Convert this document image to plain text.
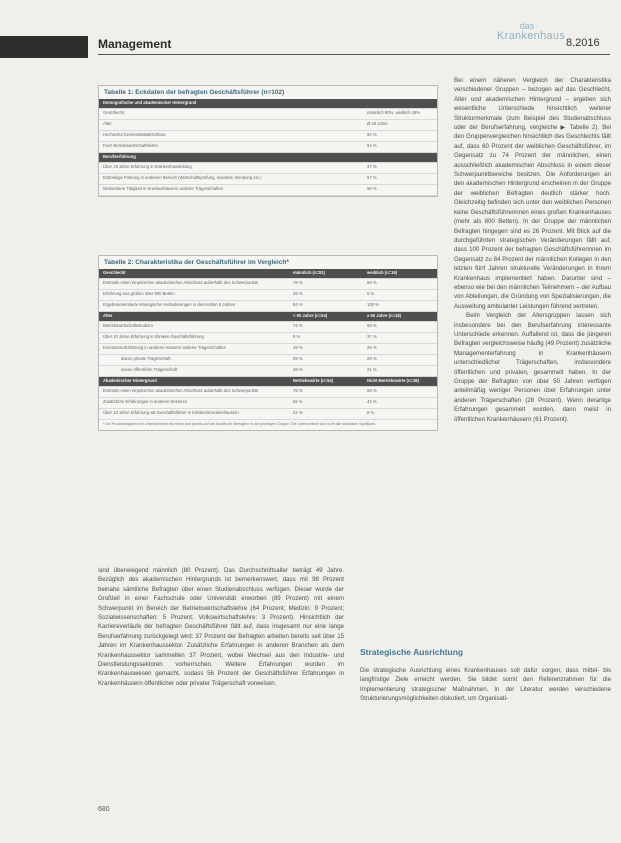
Management
das
Krankenhaus
8.2016
Tabelle 1: Eckdaten der befragten Geschäftsführer (n=102)
Demografische und akademischer Hintergrund	
Geschlecht	männlich 80%, weiblich 19%
Alter	Ø 49 Jahre
Hochschul-/Universitätsabschluss	92 %
Fach Betriebswirtschaftslehre	64 %
Berufserfahrung	
Über 15 Jahre Erfahrung in Krankenhausleitung	37 %
Erstmalige Führung in anderem Bereich (Wirtschaftsprüfung, Industrie, Beratung etc.)	67 %
Momentane Tätigkeit in Krankenhäusern anderer Trägerschaften	56 %
Tabelle 2: Charakteristika der Geschäftsführer im Vergleich*
Geschlecht	männlich (n=81)	weiblich (n=19)
Erstmals einen empirischen akademischen Abschluss außerhalb des Schwerpunkts	78 %	58 %
Erfahrung aus großen über 800 Betten	26 %	5 %
Ergebnisorientierte strategische Veränderungen in den letzten 5 Jahren	84 %	100 %
Alter	< 50 Jahre (n=54)	≥ 50 Jahre (n=48)
Betriebswirtschaftsstudium	74 %	59 %
Über 10 Jahre Erfahrung in Kliniken-Geschäftsführung	9 %	37 %
Kenntnisse/Erfahrung in anderen Häusern anderer Trägerschaften	49 %	28 %
davon private Trägerschaft	29 %	28 %
davon öffentliche Trägerschaft	28 %	21 %
Akademischer Hintergrund	Betriebswirte (n=64)	Nicht-Betriebswirte (n=38)
Erstmals einen empirischen akademischen Abschluss außerhalb des Schwerpunkts	75 %	58 %
Zusätzliche Erfahrungen in anderen Sektoren	82 %	42 %
Über 10 Jahre Erfahrung als Geschäftsführer in Kliniken/Krankenhäusern	22 %	8 %
* Die Prozentangaben bei Unterschieden beziehen sich jeweils auf die Anzahl der Befragten in der jeweiligen Gruppe. Die Unterschiede sind nicht alle statistisch signifikant.

Bei einem näheren Vergleich der Charakteristika verschiedener Gruppen – bezogen auf das Geschlecht, Alter und akademischen Hintergrund – ergeben sich wesentliche Unterschiede hinsichtlich weiterer Strukturmerkmale (zum Beispiel des Studienabschluss oder der Berufserfahrung, vergleiche ▶ Tabelle 2). Bei den Gruppenvergleichen hinsichtlich des Geschlechts fällt auf, dass 60 Prozent der weiblichen Geschäftsführer, im Gegensatz zu 74 Prozent der männlichen, einen ausschließlich akademischen Abschluss in einem dieser Schwerpunktbereiche besitzen. Die Anforderungen an den akademischen Hintergrund erscheinen in der Gruppe der weiblichen Befragten deutlich stärker hoch. Gleichzeitig befinden sich unter den weiblichen Personen keine Geschäftsführerinnen eines großen Krankenhauses (mehr als 800 Betten). In der Gruppe der männlichen Befragten hingegen sind es 26 Prozent. Mit Blick auf die durchgeführten strategischen Veränderungen fällt auf, dass 100 Prozent der befragten Geschäftsführerinnen im Gegensatz zu 84 Prozent der männlichen Kollegen in den letzten fünf Jahren strukturelle Veränderungen in ihrem Krankenhaus implementiert haben. Darunter sind – ebenso wie bei den männlichen Teilnehmern – der Aufbau von Abteilungen, die Gründung von Spezialisierungen, die Ausweitung ambulanter Leistungen führend vertreten.

Beim Vergleich der Altersgruppen lassen sich insbesondere bei den Berufserfahrung interessante Unterschiede erkennen. Auffallend ist, dass die jüngeren Befragten vergleichsweise häufig (49 Prozent) zusätzliche Managementerfahrung in Krankenhäusern unterschiedlicher Trägerschaften, insbesondere öffentlichen und privaten, gesammelt haben. In der Gruppe der Befragten von über 50 Jahren verfügen anteilmäßig weniger Personen über Erfahrungen unter anderen Trägerschaften (28 Prozent). Wenn derartige Erfahrungen gesammelt wurden, dann meist in öffentlichen Krankenhäusern (61 Prozent).

sind überwiegend männlich (80 Prozent). Das Durchschnittsalter beträgt 49 Jahre. Bezüglich des akademischen Hintergrunds ist bemerkenswert, dass mit 98 Prozent beinahe sämtliche Befragten über einen Studienabschluss verfügen. Dieser wurde der Großteil in einer Fachschule oder Universität erworben (89 Prozent) mit einem Schwerpunkt im Bereich der Betriebswirtschaftslehre (64 Prozent; Medizin: 9 Prozent; Sozialwissenschaften: 5 Prozent; Volkswirtschaftslehre: 3 Prozent). Hinsichtlich der Karriereverläufe der befragten Geschäftsführer fällt auf, dass insgesamt nur eine lange Berufserfahrung zurückgelegt wird: 37 Prozent der Befragten arbeiten bereits seit über 15 Jahren im Krankenhaussektor. Zusätzliche Erfahrungen in anderen Branchen als dem Krankenhaussektor sammelten 37 Prozent, wobei Wechsel aus den Industrie- und Dienstleistungssektoren vorherrschen. Weitere Erfahrungen wurden im Krankenhauswesen gemacht, sodass 56 Prozent der Geschäftsführer Erfahrungen in Krankenhäusern öffentlicher oder privater Trägerschaft vorweisen.

Strategische Ausrichtung

Die strategische Ausrichtung eines Krankenhauses soll dafür sorgen, dass mittel- bis langfristige Ziele erreicht werden. Sie bildet somit den Referenzrahmen für die Implementierung strategischer Maßnahmen. In der Literatur werden verschiedene Strukturierungsmöglichkeiten diskutiert, um Organisati-

680
